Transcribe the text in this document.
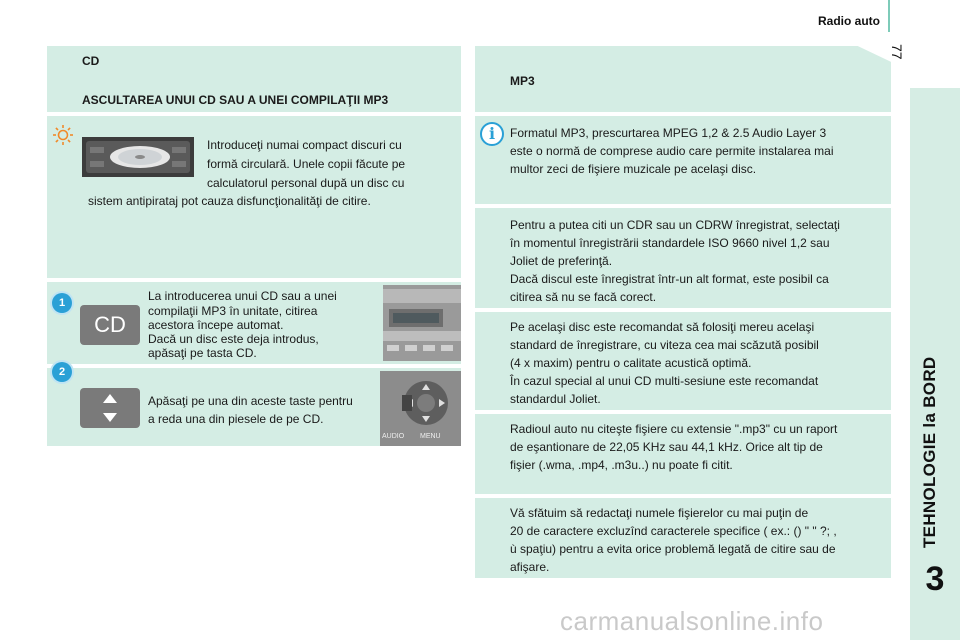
Radio auto
77
TEHNOLOGIE la BORD
3
CD
ASCULTAREA UNUI CD SAU A UNEI COMPILAŢII MP3
Introduceţi numai compact discuri cu
formă circulară. Unele copii făcute pe
calculatorul personal după un disc cu
sistem antipirataj pot cauza disfuncţionalităţi de citire.
1
CD
La introducerea unui CD sau a unei
compilaţii MP3 în unitate, citirea
acestora începe automat.
Dacă un disc este deja introdus,
apăsaţi pe tasta CD.
2
Apăsaţi pe una din aceste taste pentru
a reda una din piesele de pe CD.
AUDIO MENU
MP3
i	Formatul MP3, prescurtarea MPEG 1,2 & 2.5 Audio Layer 3
este o normă de comprese audio care permite instalarea mai
multor zeci de fişiere muzicale pe acelaşi disc.
Pentru a putea citi un CDR sau un CDRW înregistrat, selectaţi
în momentul înregistrării standardele ISO 9660 nivel 1,2 sau
Joliet de preferinţă.
Dacă discul este înregistrat într-un alt format, este posibil ca
citirea să nu se facă corect.
Pe acelaşi disc este recomandat să folosiţi mereu acelaşi
standard de înregistrare, cu viteza cea mai scăzută posibil
(4 x maxim) pentru o calitate acustică optimă.
În cazul special al unui CD multi-sesiune este recomandat
standardul Joliet.
Radioul auto nu citeşte fişiere cu extensie ".mp3" cu un raport
de eşantionare de 22,05 KHz sau 44,1 kHz. Orice alt tip de
fişier (.wma, .mp4, .m3u..) nu poate fi citit.
Vă sfătuim să redactaţi numele fişierelor cu mai puţin de
20 de caractere excluzînd caracterele specifice ( ex.: () " " ?; ,
ù spaţiu) pentru a evita orice problemă legată de citire sau de
afişare.
carmanualsonline.info
